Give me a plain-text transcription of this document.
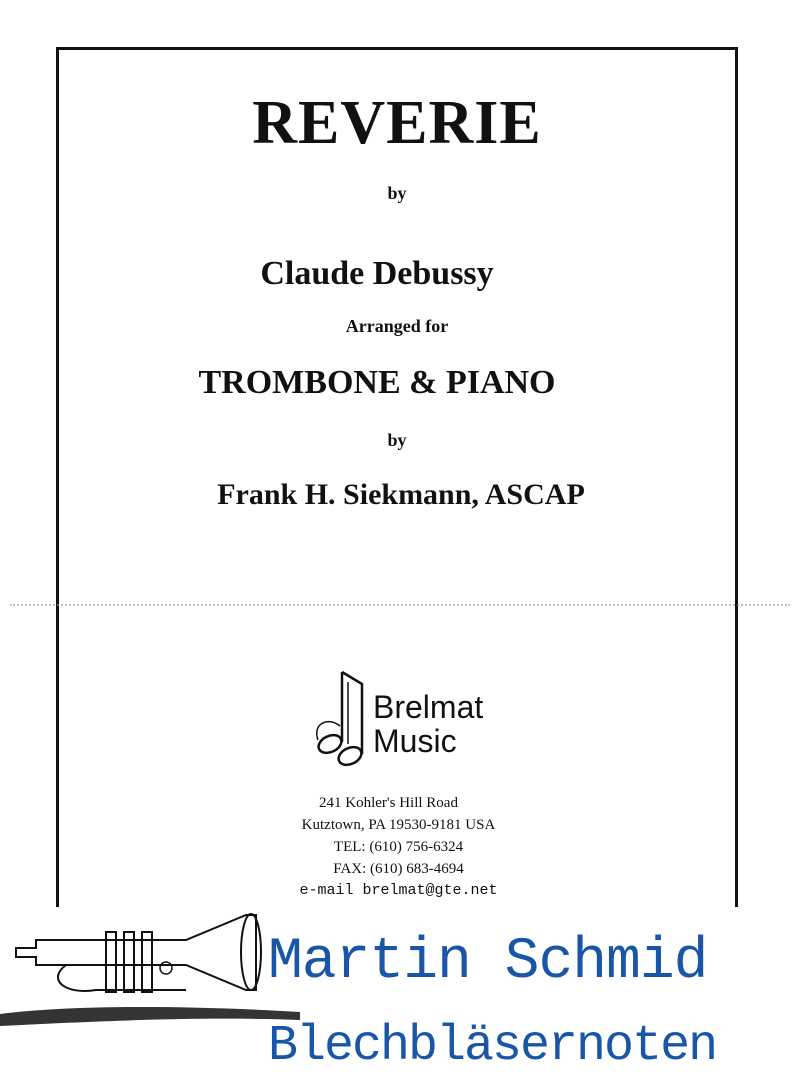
REVERIE
by
Claude Debussy
Arranged for
TROMBONE & PIANO
by
Frank H. Siekmann, ASCAP
Brelmat
Music
241 Kohler's Hill Road
Kutztown, PA 19530-9181 USA
TEL: (610) 756-6324
FAX: (610) 683-4694
e-mail brelmat@gte.net
Martin Schmid
Blechbläsernoten
